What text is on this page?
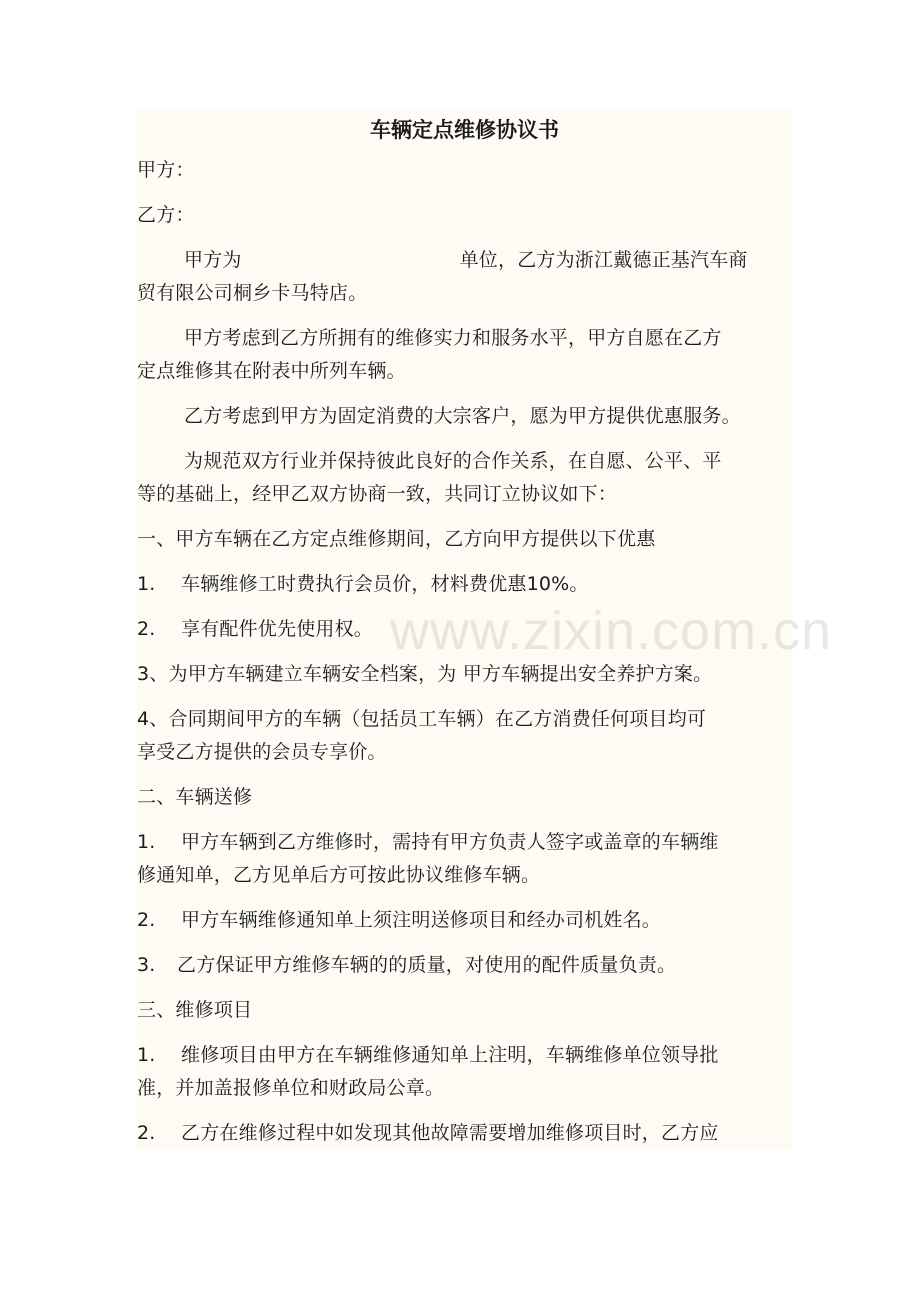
车辆定点维修协议书

甲方：

乙方：

甲方为	单位，乙方为浙江戴德正基汽车商

贸有限公司桐乡卡马特店。

甲方考虑到乙方所拥有的维修实力和服务水平，甲方自愿在乙方

定点维修其在附表中所列车辆。

乙方考虑到甲方为固定消费的大宗客户，愿为甲方提供优惠服务。

为规范双方行业并保持彼此良好的合作关系，在自愿、公平、平

等的基础上，经甲乙双方协商一致，共同订立协议如下：

一、甲方车辆在乙方定点维修期间，乙方向甲方提供以下优惠

1. 车辆维修工时费执行会员价，材料费优惠10%。

2. 享有配件优先使用权。

3、为甲方车辆建立车辆安全档案，为 甲方车辆提出安全养护方案。

4、合同期间甲方的车辆（包括员工车辆）在乙方消费任何项目均可

享受乙方提供的会员专享价。

二、车辆送修

1. 甲方车辆到乙方维修时，需持有甲方负责人签字或盖章的车辆维

修通知单，乙方见单后方可按此协议维修车辆。

2. 甲方车辆维修通知单上须注明送修项目和经办司机姓名。

3. 乙方保证甲方维修车辆的的质量，对使用的配件质量负责。

三、维修项目

1. 维修项目由甲方在车辆维修通知单上注明，车辆维修单位领导批

准，并加盖报修单位和财政局公章。

2. 乙方在维修过程中如发现其他故障需要增加维修项目时，乙方应

www.zixin.com.cn
